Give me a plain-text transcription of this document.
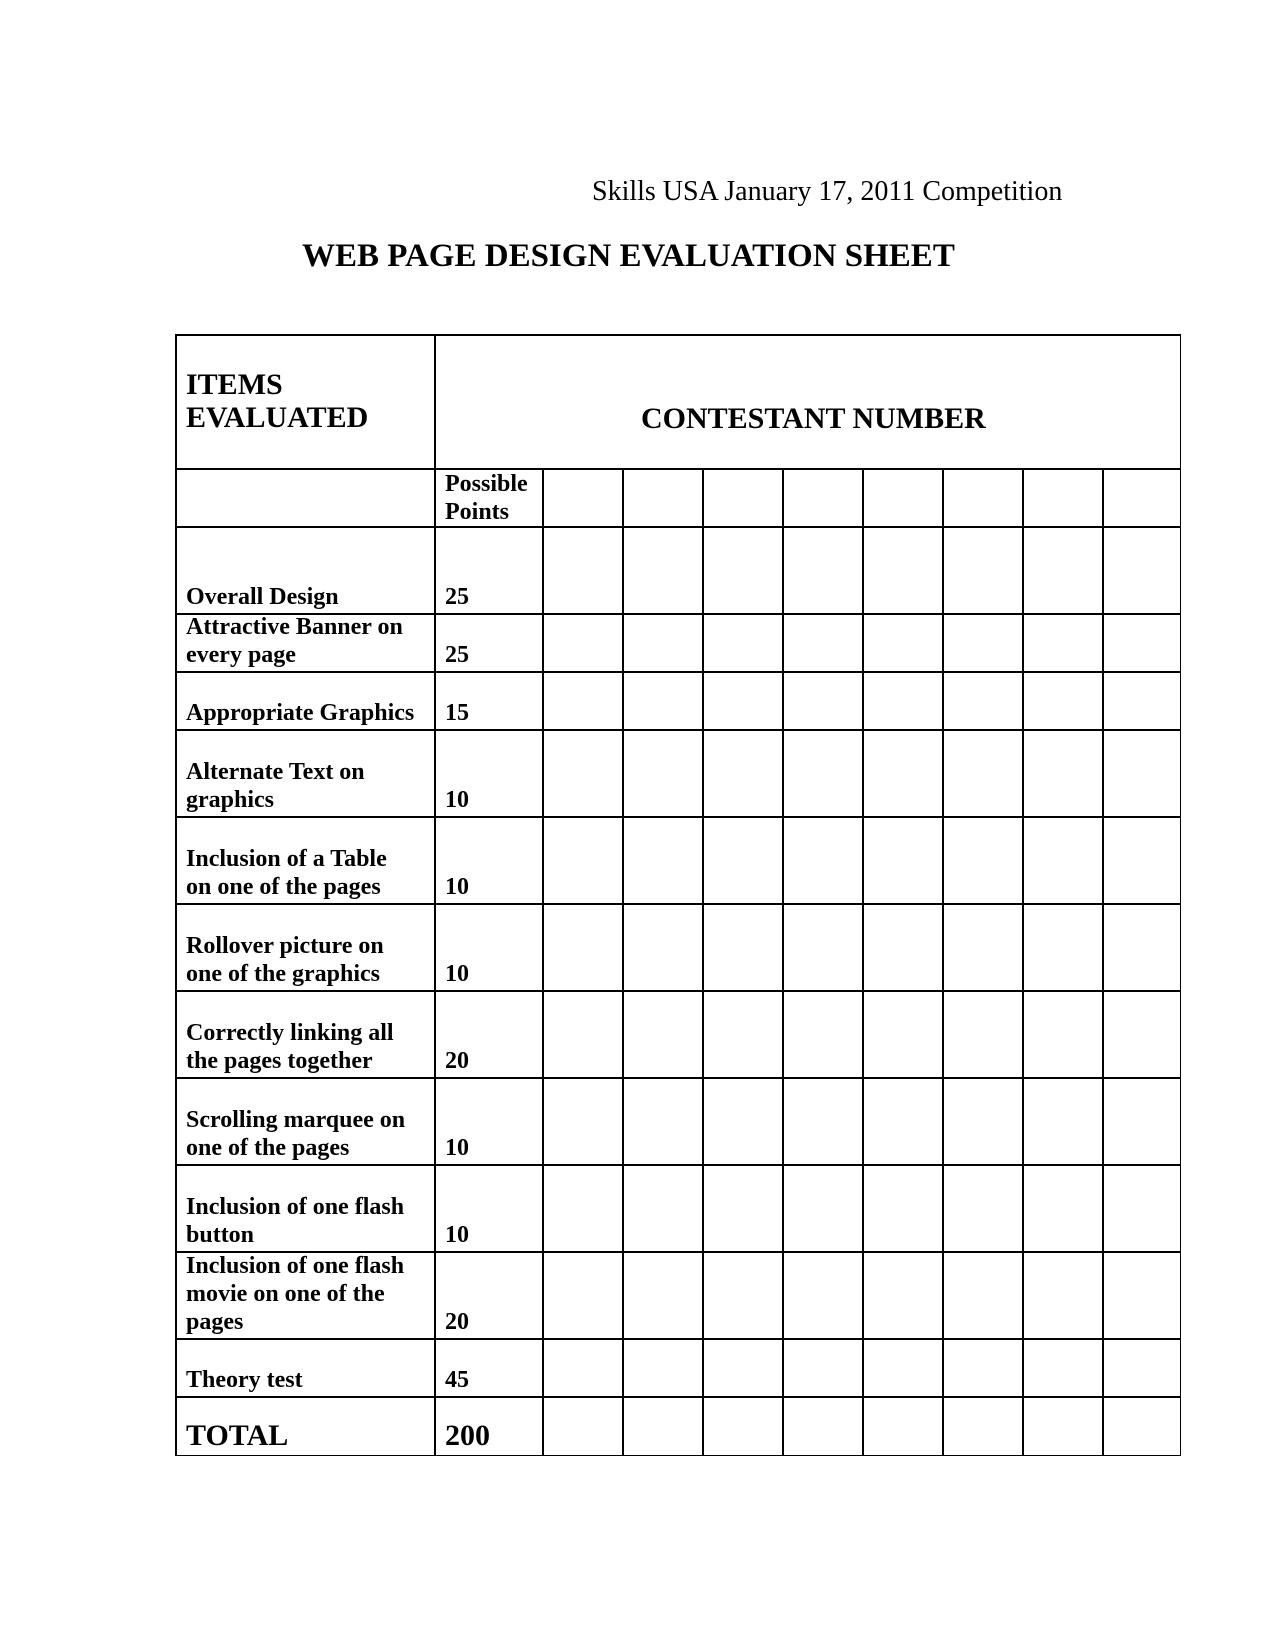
Skills USA January 17, 2011 Competition
WEB PAGE DESIGN EVALUATION SHEET
ITEMS
EVALUATED	CONTESTANT NUMBER
Possible
Points
Overall Design	25
Attractive Banner on
every page	25
Appropriate Graphics 15
Alternate Text on
graphics	10
Inclusion of a Table
on one of the pages	10
Rollover picture on
one of the graphics	10
Correctly linking all
the pages together	20
Scrolling marquee on
one of the pages	10
Inclusion of one flash
button	10
Inclusion of one flash
movie on one of the
pages	20
Theory test	45
TOTAL	200
